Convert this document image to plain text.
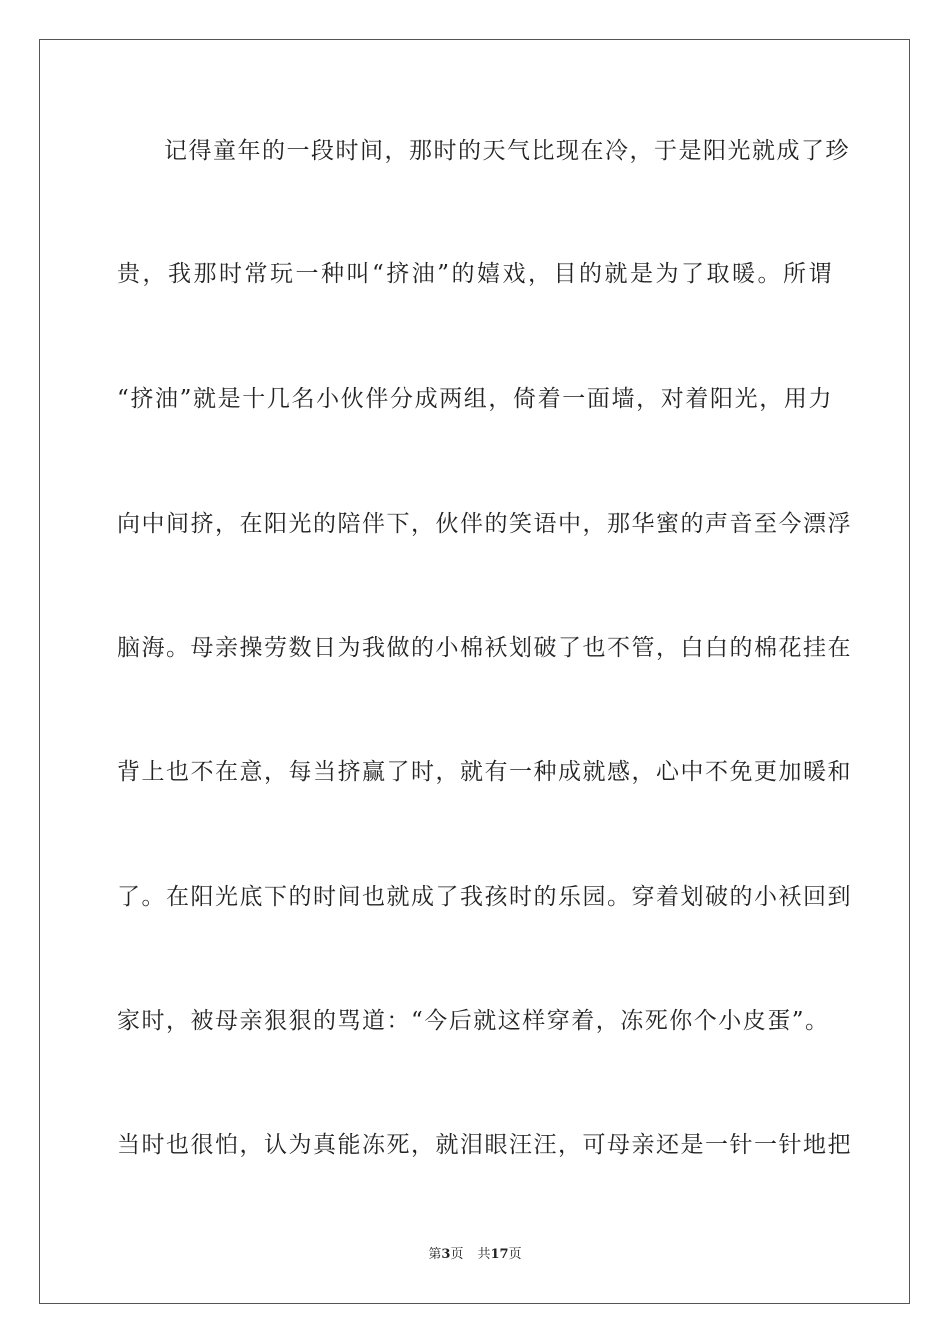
记得童年的一段时间，那时的天气比现在冷，于是阳光就成了珍
贵，我那时常玩一种叫“挤油”的嬉戏，目的就是为了取暖。所谓
“挤油”就是十几名小伙伴分成两组，倚着一面墙，对着阳光，用力
向中间挤，在阳光的陪伴下，伙伴的笑语中，那华蜜的声音至今漂浮
脑海。母亲操劳数日为我做的小棉袄划破了也不管，白白的棉花挂在
背上也不在意，每当挤赢了时，就有一种成就感，心中不免更加暖和
了。在阳光底下的时间也就成了我孩时的乐园。穿着划破的小袄回到
家时，被母亲狠狠的骂道：“今后就这样穿着，冻死你个小皮蛋”。
当时也很怕，认为真能冻死，就泪眼汪汪，可母亲还是一针一针地把
第3页 共17页
